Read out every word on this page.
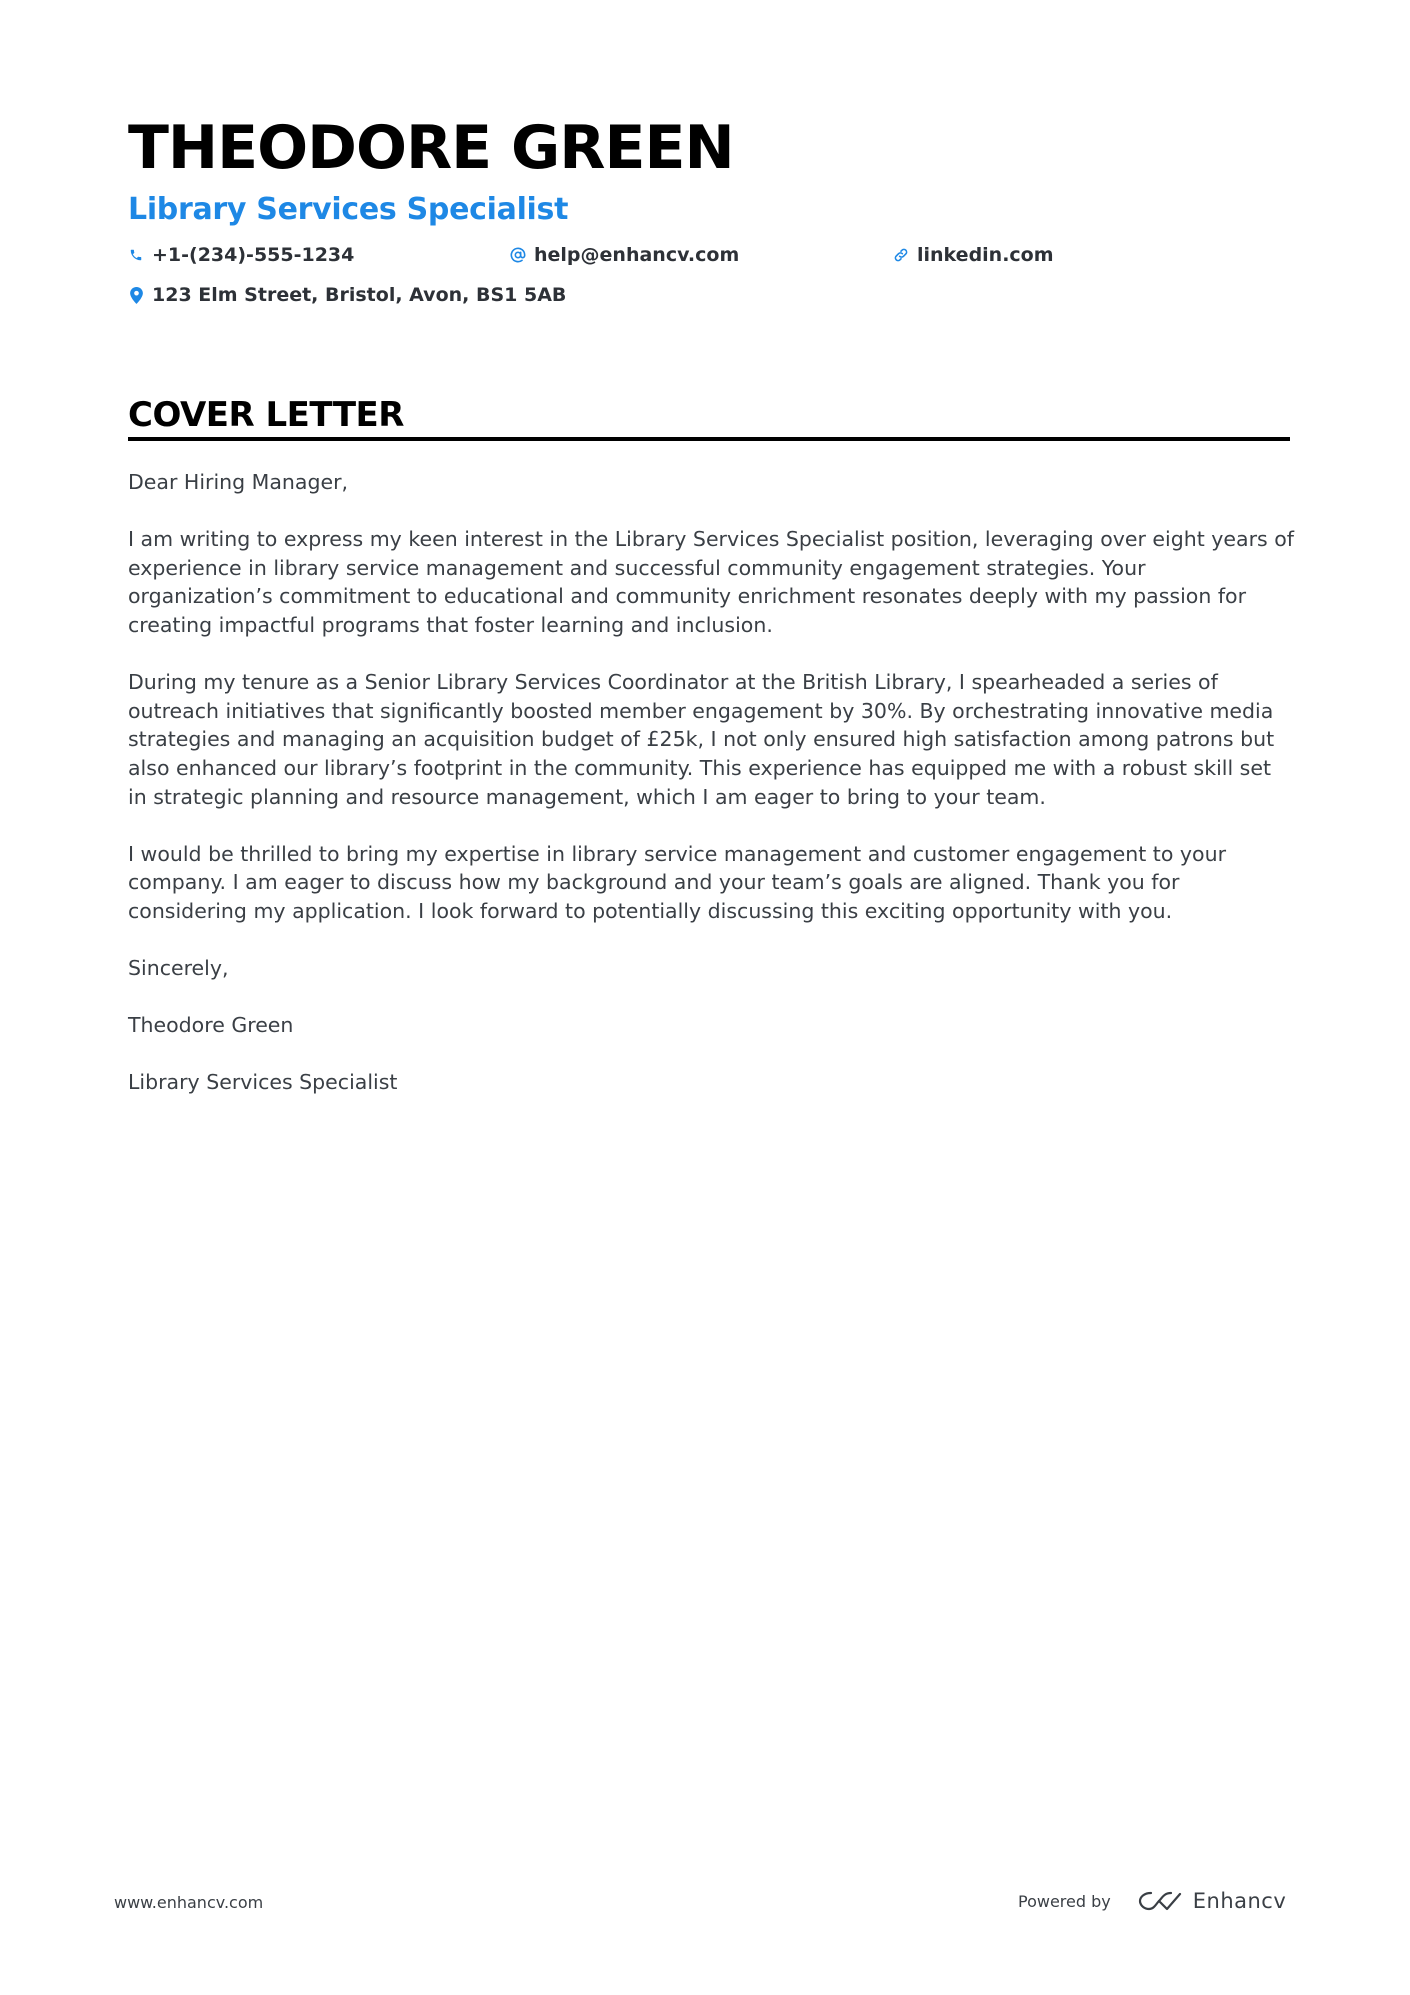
THEODORE GREEN
Library Services Specialist
+1-(234)-555-1234	help@enhancv.com	linkedin.com
123 Elm Street, Bristol, Avon, BS1 5AB
COVER LETTER

Dear Hiring Manager,

I am writing to express my keen interest in the Library Services Specialist position, leveraging over eight years of experience in library service management and successful community engagement strategies. Your organization’s commitment to educational and community enrichment resonates deeply with my passion for creating impactful programs that foster learning and inclusion.

During my tenure as a Senior Library Services Coordinator at the British Library, I spearheaded a series of outreach initiatives that significantly boosted member engagement by 30%. By orchestrating innovative media strategies and managing an acquisition budget of £25k, I not only ensured high satisfaction among patrons but also enhanced our library’s footprint in the community. This experience has equipped me with a robust skill set in strategic planning and resource management, which I am eager to bring to your team.

I would be thrilled to bring my expertise in library service management and customer engagement to your company. I am eager to discuss how my background and your team’s goals are aligned. Thank you for considering my application. I look forward to potentially discussing this exciting opportunity with you.

Sincerely,

Theodore Green

Library Services Specialist

www.enhancv.com	Powered by	Enhancv
